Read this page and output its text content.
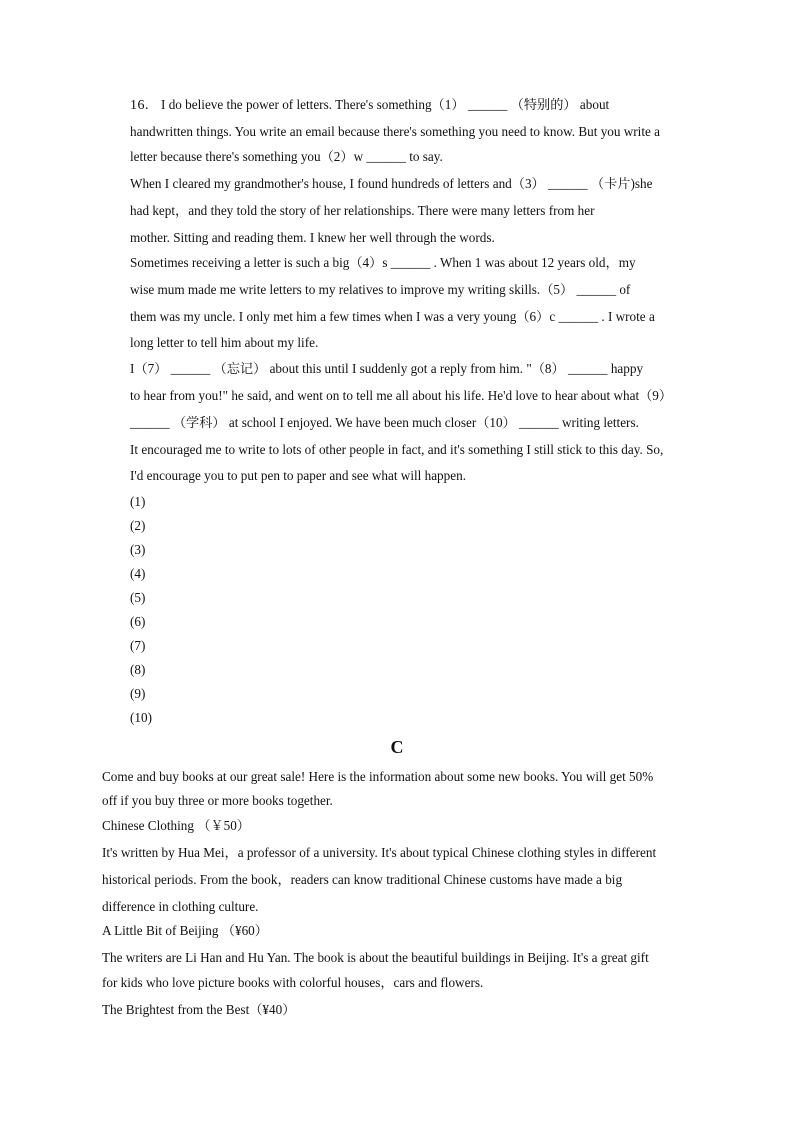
16. I do believe the power of letters. There's something（1） ______ （特别的） about
handwritten things. You write an email because there's something you need to know. But you write a
letter because there's something you（2）w ______ to say.
When I cleared my grandmother's house, I found hundreds of letters and（3） ______ （卡片)she
had kept，and they told the story of her relationships. There were many letters from her
mother. Sitting and reading them. I knew her well through the words.
Sometimes receiving a letter is such a big（4）s ______ . When 1 was about 12 years old，my
wise mum made me write letters to my relatives to improve my writing skills.（5） ______ of
them was my uncle. I only met him a few times when I was a very young（6）c ______ . I wrote a
long letter to tell him about my life.
I（7） ______ （忘记） about this until I suddenly got a reply from him. "（8） ______ happy
to hear from you!" he said, and went on to tell me all about his life. He'd love to hear about what（9）
______ （学科） at school I enjoyed. We have been much closer（10） ______ writing letters.
It encouraged me to write to lots of other people in fact, and it's something I still stick to this day. So,
I'd encourage you to put pen to paper and see what will happen.
(1)
(2)
(3)
(4)
(5)
(6)
(7)
(8)
(9)
(10)
C
Come and buy books at our great sale! Here is the information about some new books. You will get 50%
off if you buy three or more books together.
Chinese Clothing （￥50）
It's written by Hua Mei，a professor of a university. It's about typical Chinese clothing styles in different
historical periods. From the book，readers can know traditional Chinese customs have made a big
difference in clothing culture.
A Little Bit of Beijing （¥60）
The writers are Li Han and Hu Yan. The book is about the beautiful buildings in Beijing. It's a great gift
for kids who love picture books with colorful houses，cars and flowers.
The Brightest from the Best（¥40）
